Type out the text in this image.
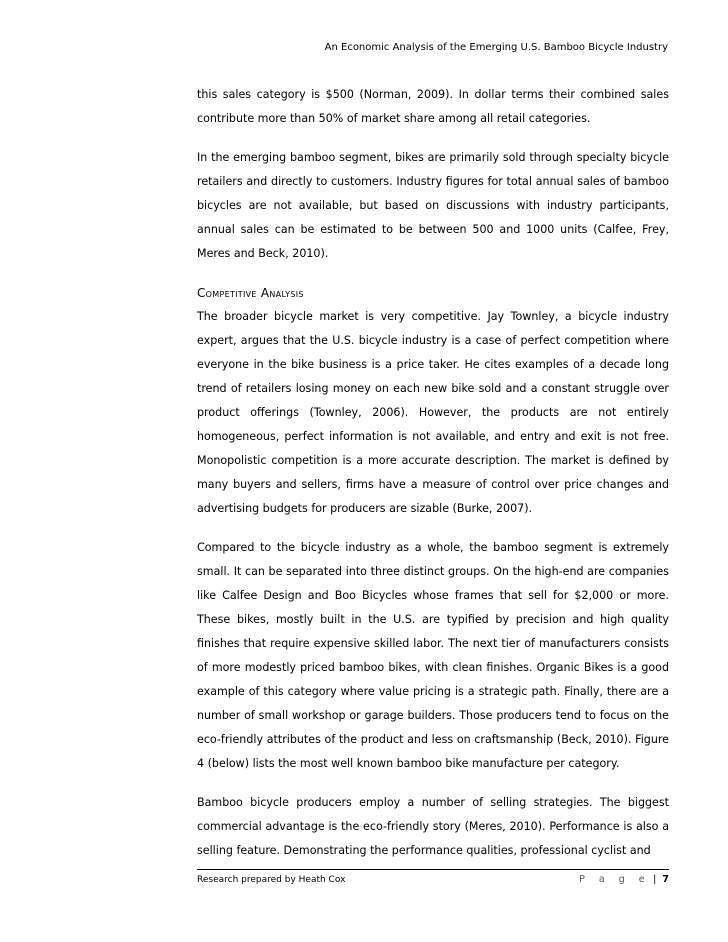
An Economic Analysis of the Emerging U.S. Bamboo Bicycle Industry

this sales category is $500 (Norman, 2009). In dollar terms their combined sales contribute more than 50% of market share among all retail categories.

In the emerging bamboo segment, bikes are primarily sold through specialty bicycle retailers and directly to customers. Industry figures for total annual sales of bamboo bicycles are not available, but based on discussions with industry participants, annual sales can be estimated to be between 500 and 1000 units (Calfee, Frey, Meres and Beck, 2010).

Competitive Analysis

The broader bicycle market is very competitive. Jay Townley, a bicycle industry expert, argues that the U.S. bicycle industry is a case of perfect competition where everyone in the bike business is a price taker. He cites examples of a decade long trend of retailers losing money on each new bike sold and a constant struggle over product offerings (Townley, 2006). However, the products are not entirely homogeneous, perfect information is not available, and entry and exit is not free. Monopolistic competition is a more accurate description. The market is defined by many buyers and sellers, firms have a measure of control over price changes and advertising budgets for producers are sizable (Burke, 2007).

Compared to the bicycle industry as a whole, the bamboo segment is extremely small. It can be separated into three distinct groups. On the high-end are companies like Calfee Design and Boo Bicycles whose frames that sell for $2,000 or more. These bikes, mostly built in the U.S. are typified by precision and high quality finishes that require expensive skilled labor. The next tier of manufacturers consists of more modestly priced bamboo bikes, with clean finishes. Organic Bikes is a good example of this category where value pricing is a strategic path. Finally, there are a number of small workshop or garage builders. Those producers tend to focus on the eco-friendly attributes of the product and less on craftsmanship (Beck, 2010). Figure 4 (below) lists the most well known bamboo bike manufacture per category.

Bamboo bicycle producers employ a number of selling strategies. The biggest commercial advantage is the eco-friendly story (Meres, 2010). Performance is also a selling feature. Demonstrating the performance qualities, professional cyclist and

Research prepared by Heath Cox	P a g e | 7
